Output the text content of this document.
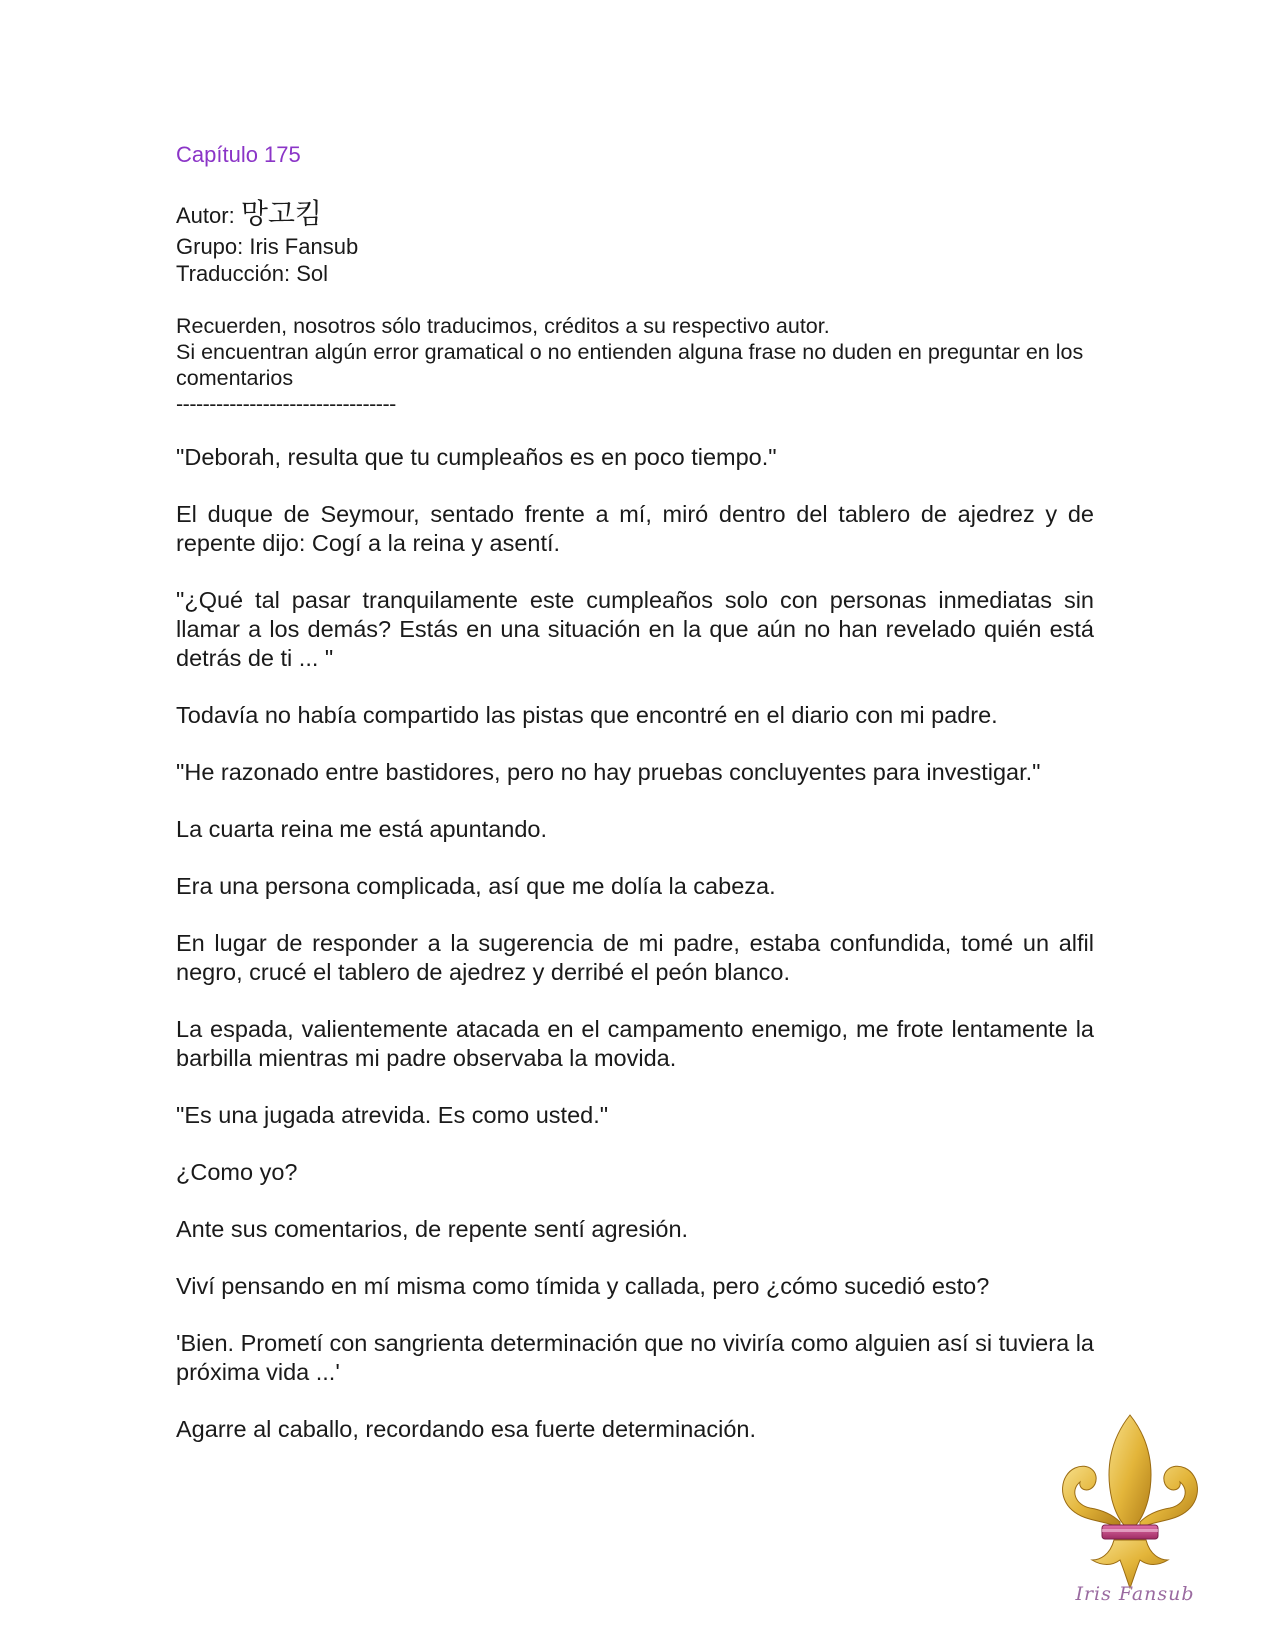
Capítulo 175
Autor: 망고킴
Grupo: Iris Fansub
Traducción: Sol

Recuerden, nosotros sólo traducimos, créditos a su respectivo autor.

Si encuentran algún error gramatical o no entienden alguna frase no duden en preguntar en los comentarios

---------------------------------

"Deborah, resulta que tu cumpleaños es en poco tiempo."

El duque de Seymour, sentado frente a mí, miró dentro del tablero de ajedrez y de repente dijo: Cogí a la reina y asentí.

"¿Qué tal pasar tranquilamente este cumpleaños solo con personas inmediatas sin llamar a los demás? Estás en una situación en la que aún no han revelado quién está detrás de ti ... "

Todavía no había compartido las pistas que encontré en el diario con mi padre.

"He razonado entre bastidores, pero no hay pruebas concluyentes para investigar."

La cuarta reina me está apuntando.

Era una persona complicada, así que me dolía la cabeza.

En lugar de responder a la sugerencia de mi padre, estaba confundida, tomé un alfil negro, crucé el tablero de ajedrez y derribé el peón blanco.

La espada, valientemente atacada en el campamento enemigo, me frote lentamente la barbilla mientras mi padre observaba la movida.

"Es una jugada atrevida. Es como usted."

¿Como yo?

Ante sus comentarios, de repente sentí agresión.

Viví pensando en mí misma como tímida y callada, pero ¿cómo sucedió esto?

'Bien. Prometí con sangrienta determinación que no viviría como alguien así si tuviera la próxima vida ...'

Agarre al caballo, recordando esa fuerte determinación.

Iris Fansub
